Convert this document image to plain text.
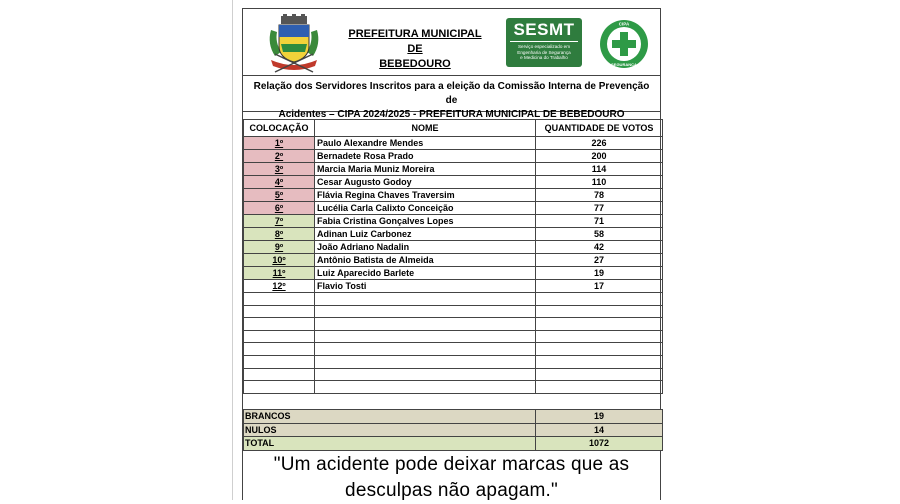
PREFEITURA MUNICIPAL DE
BEBEDOURO
SESMT
Serviço especializado em
Engenharia de Segurança
e Medicina do Trabalho
CIPA
SEGURANÇA
Relação dos Servidores Inscritos para a eleição da Comissão Interna de Prevenção de
Acidentes – CIPA 2024/2025 - PREFEITURA MUNICIPAL DE BEBEDOURO
COLOCAÇÃO	NOME	QUANTIDADE DE VOTOS
1º	Paulo Alexandre Mendes	226
2º	Bernadete Rosa Prado	200
3º	Marcia Maria Muniz Moreira	114
4º	Cesar Augusto Godoy	110
5º	Flávia Regina Chaves Traversim	78
6º	Lucélia Carla Calixto Conceição	77
7º	Fabia Cristina Gonçalves Lopes	71
8º	Adinan Luiz Carbonez	58
9º	João Adriano Nadalin	42
10º	Antônio Batista de Almeida	27
11º	Luiz Aparecido Barlete	19
12º	Flavio Tosti	17

BRANCOS	19
NULOS	14
TOTAL	1072
"Um acidente pode deixar marcas que as
desculpas não apagam."
